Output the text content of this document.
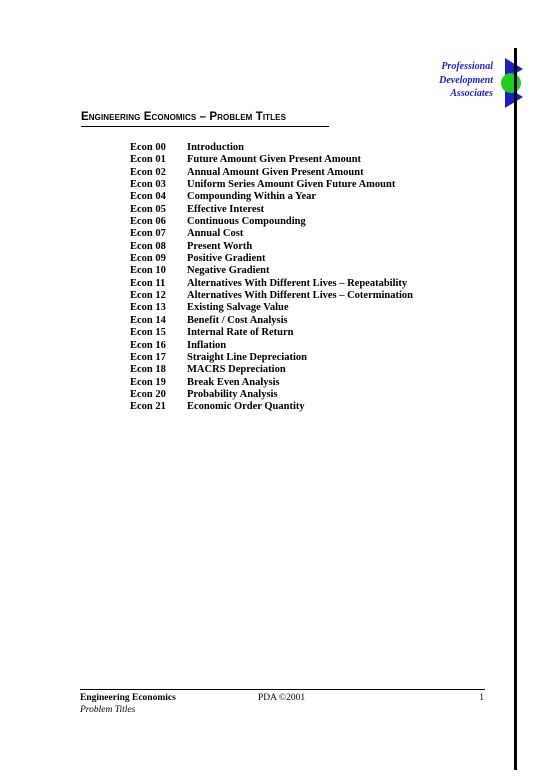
Professional
Development
Associates
Engineering Economics – Problem Titles
Econ 00	Introduction
Econ 01	Future Amount Given Present Amount
Econ 02	Annual Amount Given Present Amount
Econ 03	Uniform Series Amount Given Future Amount
Econ 04	Compounding Within a Year
Econ 05	Effective Interest
Econ 06	Continuous Compounding
Econ 07	Annual Cost
Econ 08	Present Worth
Econ 09	Positive Gradient
Econ 10	Negative Gradient
Econ 11	Alternatives With Different Lives – Repeatability
Econ 12	Alternatives With Different Lives – Cotermination
Econ 13	Existing Salvage Value
Econ 14	Benefit / Cost Analysis
Econ 15	Internal Rate of Return
Econ 16	Inflation
Econ 17	Straight Line Depreciation
Econ 18	MACRS Depreciation
Econ 19	Break Even Analysis
Econ 20	Probability Analysis
Econ 21	Economic Order Quantity
Engineering Economics	PDA ©2001	1
Problem Titles
